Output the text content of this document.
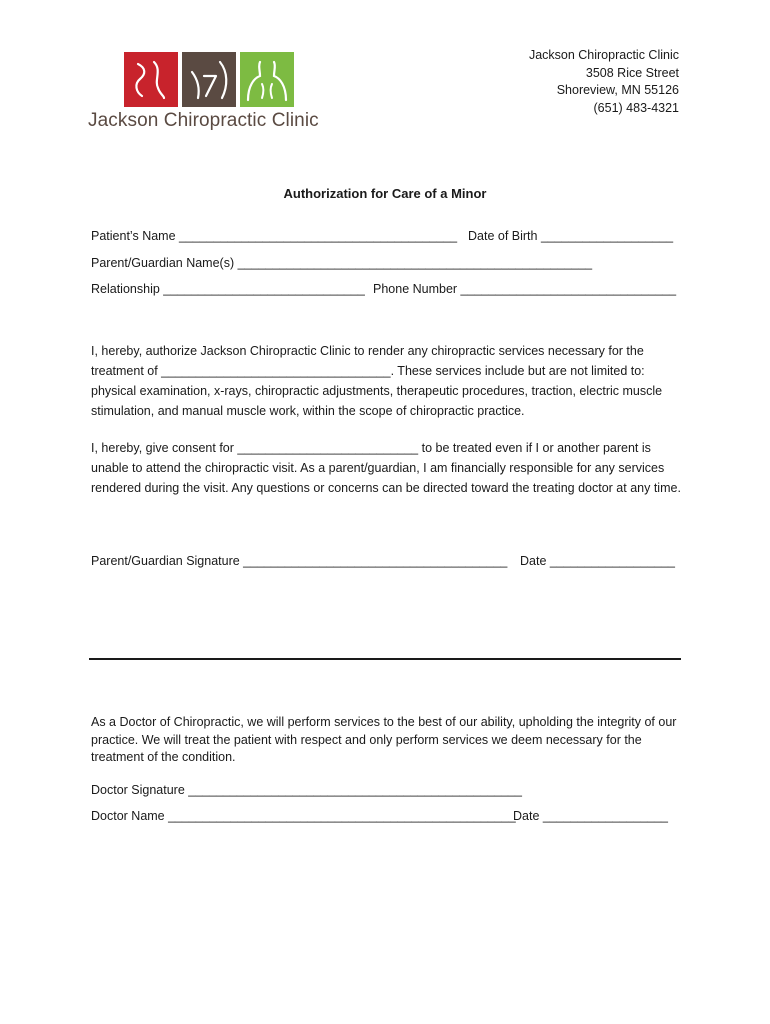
Jackson Chiropractic Clinic
Jackson Chiropractic Clinic
3508 Rice Street
Shoreview, MN 55126
(651) 483-4321
Authorization for Care of a Minor
Patient’s Name ________________________________________ Date of Birth ___________________
Parent/Guardian Name(s) ___________________________________________________
Relationship _____________________________ Phone Number _______________________________
I, hereby, authorize Jackson Chiropractic Clinic to render any chiropractic services necessary for the treatment of _________________________________. These services include but are not limited to: physical examination, x-rays, chiropractic adjustments, therapeutic procedures, traction, electric muscle stimulation, and manual muscle work, within the scope of chiropractic practice.
I, hereby, give consent for __________________________ to be treated even if I or another parent is unable to attend the chiropractic visit. As a parent/guardian, I am financially responsible for any services rendered during the visit. Any questions or concerns can be directed toward the treating doctor at any time.
Parent/Guardian Signature ______________________________________ Date __________________
As a Doctor of Chiropractic, we will perform services to the best of our ability, upholding the integrity of our practice. We will treat the patient with respect and only perform services we deem necessary for the treatment of the condition.
Doctor Signature ________________________________________________
Doctor Name __________________________________________________
Date __________________
